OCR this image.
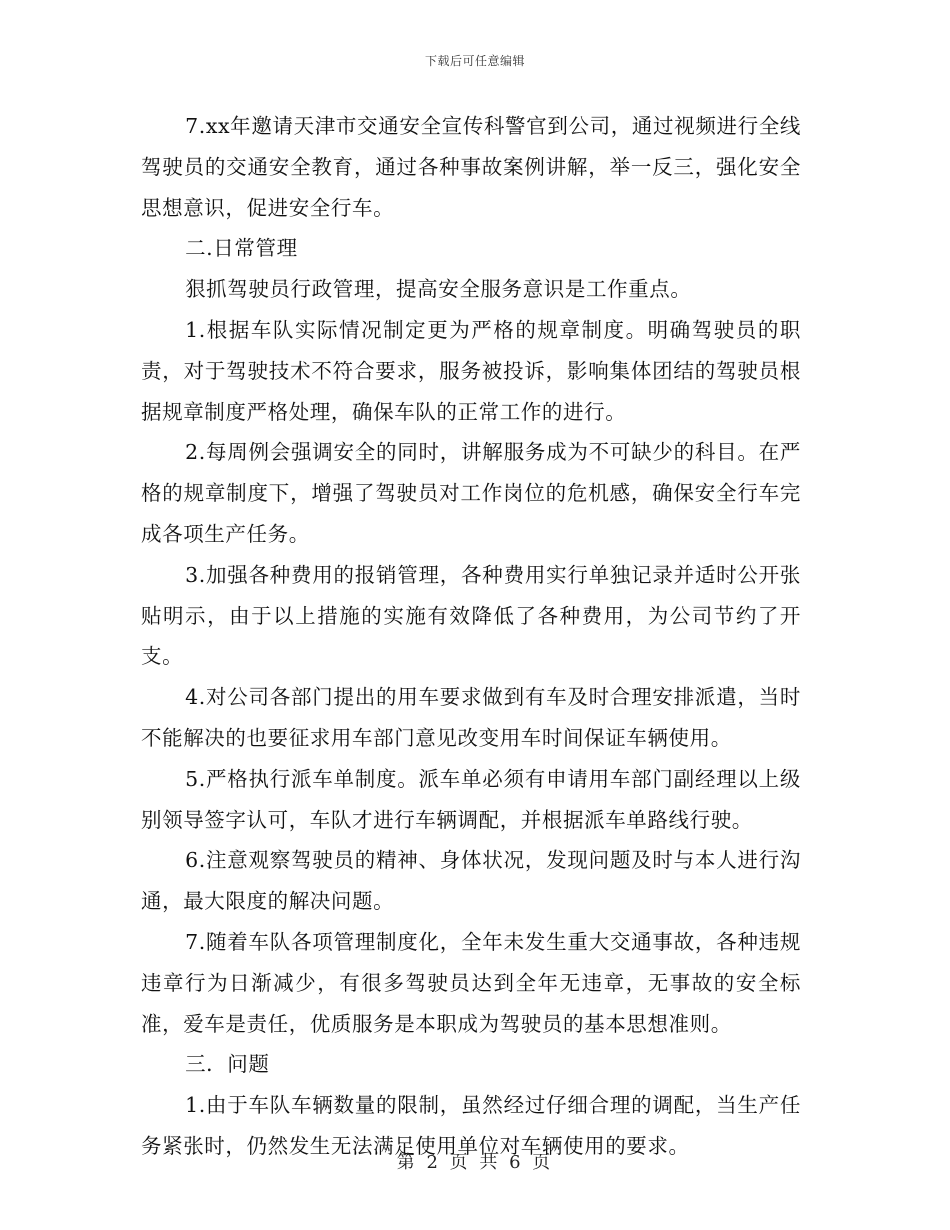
下载后可任意编辑

7.xx年邀请天津市交通安全宣传科警官到公司，通过视频进行全线驾驶员的交通安全教育，通过各种事故案例讲解，举一反三，强化安全思想意识，促进安全行车。

二.日常管理

狠抓驾驶员行政管理，提高安全服务意识是工作重点。

1.根据车队实际情况制定更为严格的规章制度。明确驾驶员的职责，对于驾驶技术不符合要求，服务被投诉，影响集体团结的驾驶员根据规章制度严格处理，确保车队的正常工作的进行。

2.每周例会强调安全的同时，讲解服务成为不可缺少的科目。在严格的规章制度下，增强了驾驶员对工作岗位的危机感，确保安全行车完成各项生产任务。

3.加强各种费用的报销管理，各种费用实行单独记录并适时公开张贴明示，由于以上措施的实施有效降低了各种费用，为公司节约了开支。

4.对公司各部门提出的用车要求做到有车及时合理安排派遣，当时不能解决的也要征求用车部门意见改变用车时间保证车辆使用。

5.严格执行派车单制度。派车单必须有申请用车部门副经理以上级别领导签字认可，车队才进行车辆调配，并根据派车单路线行驶。

6.注意观察驾驶员的精神、身体状况，发现问题及时与本人进行沟通，最大限度的解决问题。

7.随着车队各项管理制度化，全年未发生重大交通事故，各种违规违章行为日渐减少，有很多驾驶员达到全年无违章，无事故的安全标准，爱车是责任，优质服务是本职成为驾驶员的基本思想准则。

三．问题

1.由于车队车辆数量的限制，虽然经过仔细合理的调配，当生产任务紧张时，仍然发生无法满足使用单位对车辆使用的要求。

第 2 页 共 6 页
